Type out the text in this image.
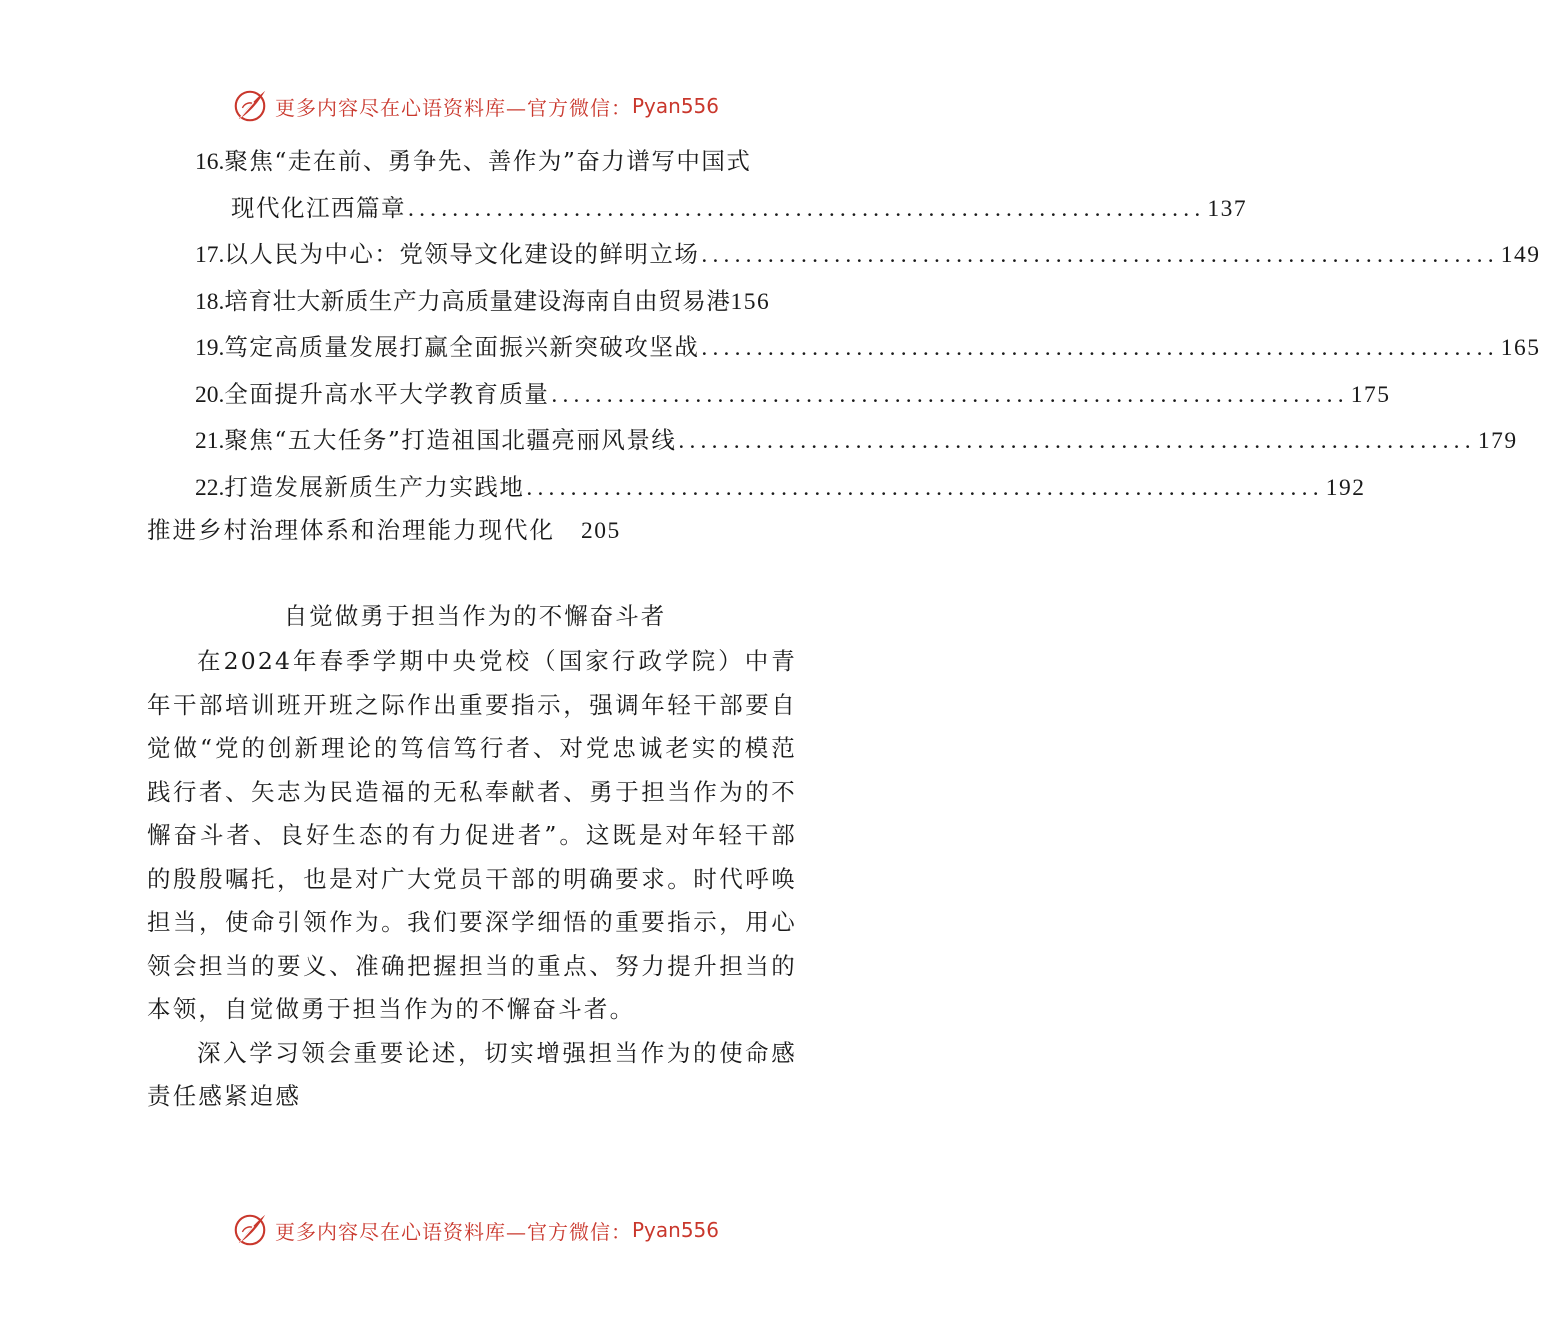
更多内容尽在心语资料库—官方微信： Pyan556
16. 聚焦“走在前、勇争先、善作为”奋力谱写中国式
现代化江西篇章 ........................................................................ 137
17. 以人民为中心：党领导文化建设的鲜明立场 ........................................................................ 149
18. 培育壮大新质生产力高质量建设海南自由贸易港 156
19. 笃定高质量发展打赢全面振兴新突破攻坚战 ........................................................................ 165
20. 全面提升高水平大学教育质量 ........................................................................ 175
21. 聚焦“五大任务”打造祖国北疆亮丽风景线 ........................................................................ 179
22. 打造发展新质生产力实践地 ........................................................................ 192
推进乡村治理体系和治理能力现代化 205
自觉做勇于担当作为的不懈奋斗者

在2024年春季学期中央党校（国家行政学院）中青年干部培训班开班之际作出重要指示，强调年轻干部要自觉做“党的创新理论的笃信笃行者、对党忠诚老实的模范践行者、矢志为民造福的无私奉献者、勇于担当作为的不懈奋斗者、良好生态的有力促进者”。这既是对年轻干部的殷殷嘱托，也是对广大党员干部的明确要求。时代呼唤担当，使命引领作为。我们要深学细悟的重要指示，用心领会担当的要义、准确把握担当的重点、努力提升担当的本领，自觉做勇于担当作为的不懈奋斗者。

深入学习领会重要论述，切实增强担当作为的使命感责任感紧迫感

更多内容尽在心语资料库—官方微信： Pyan556
